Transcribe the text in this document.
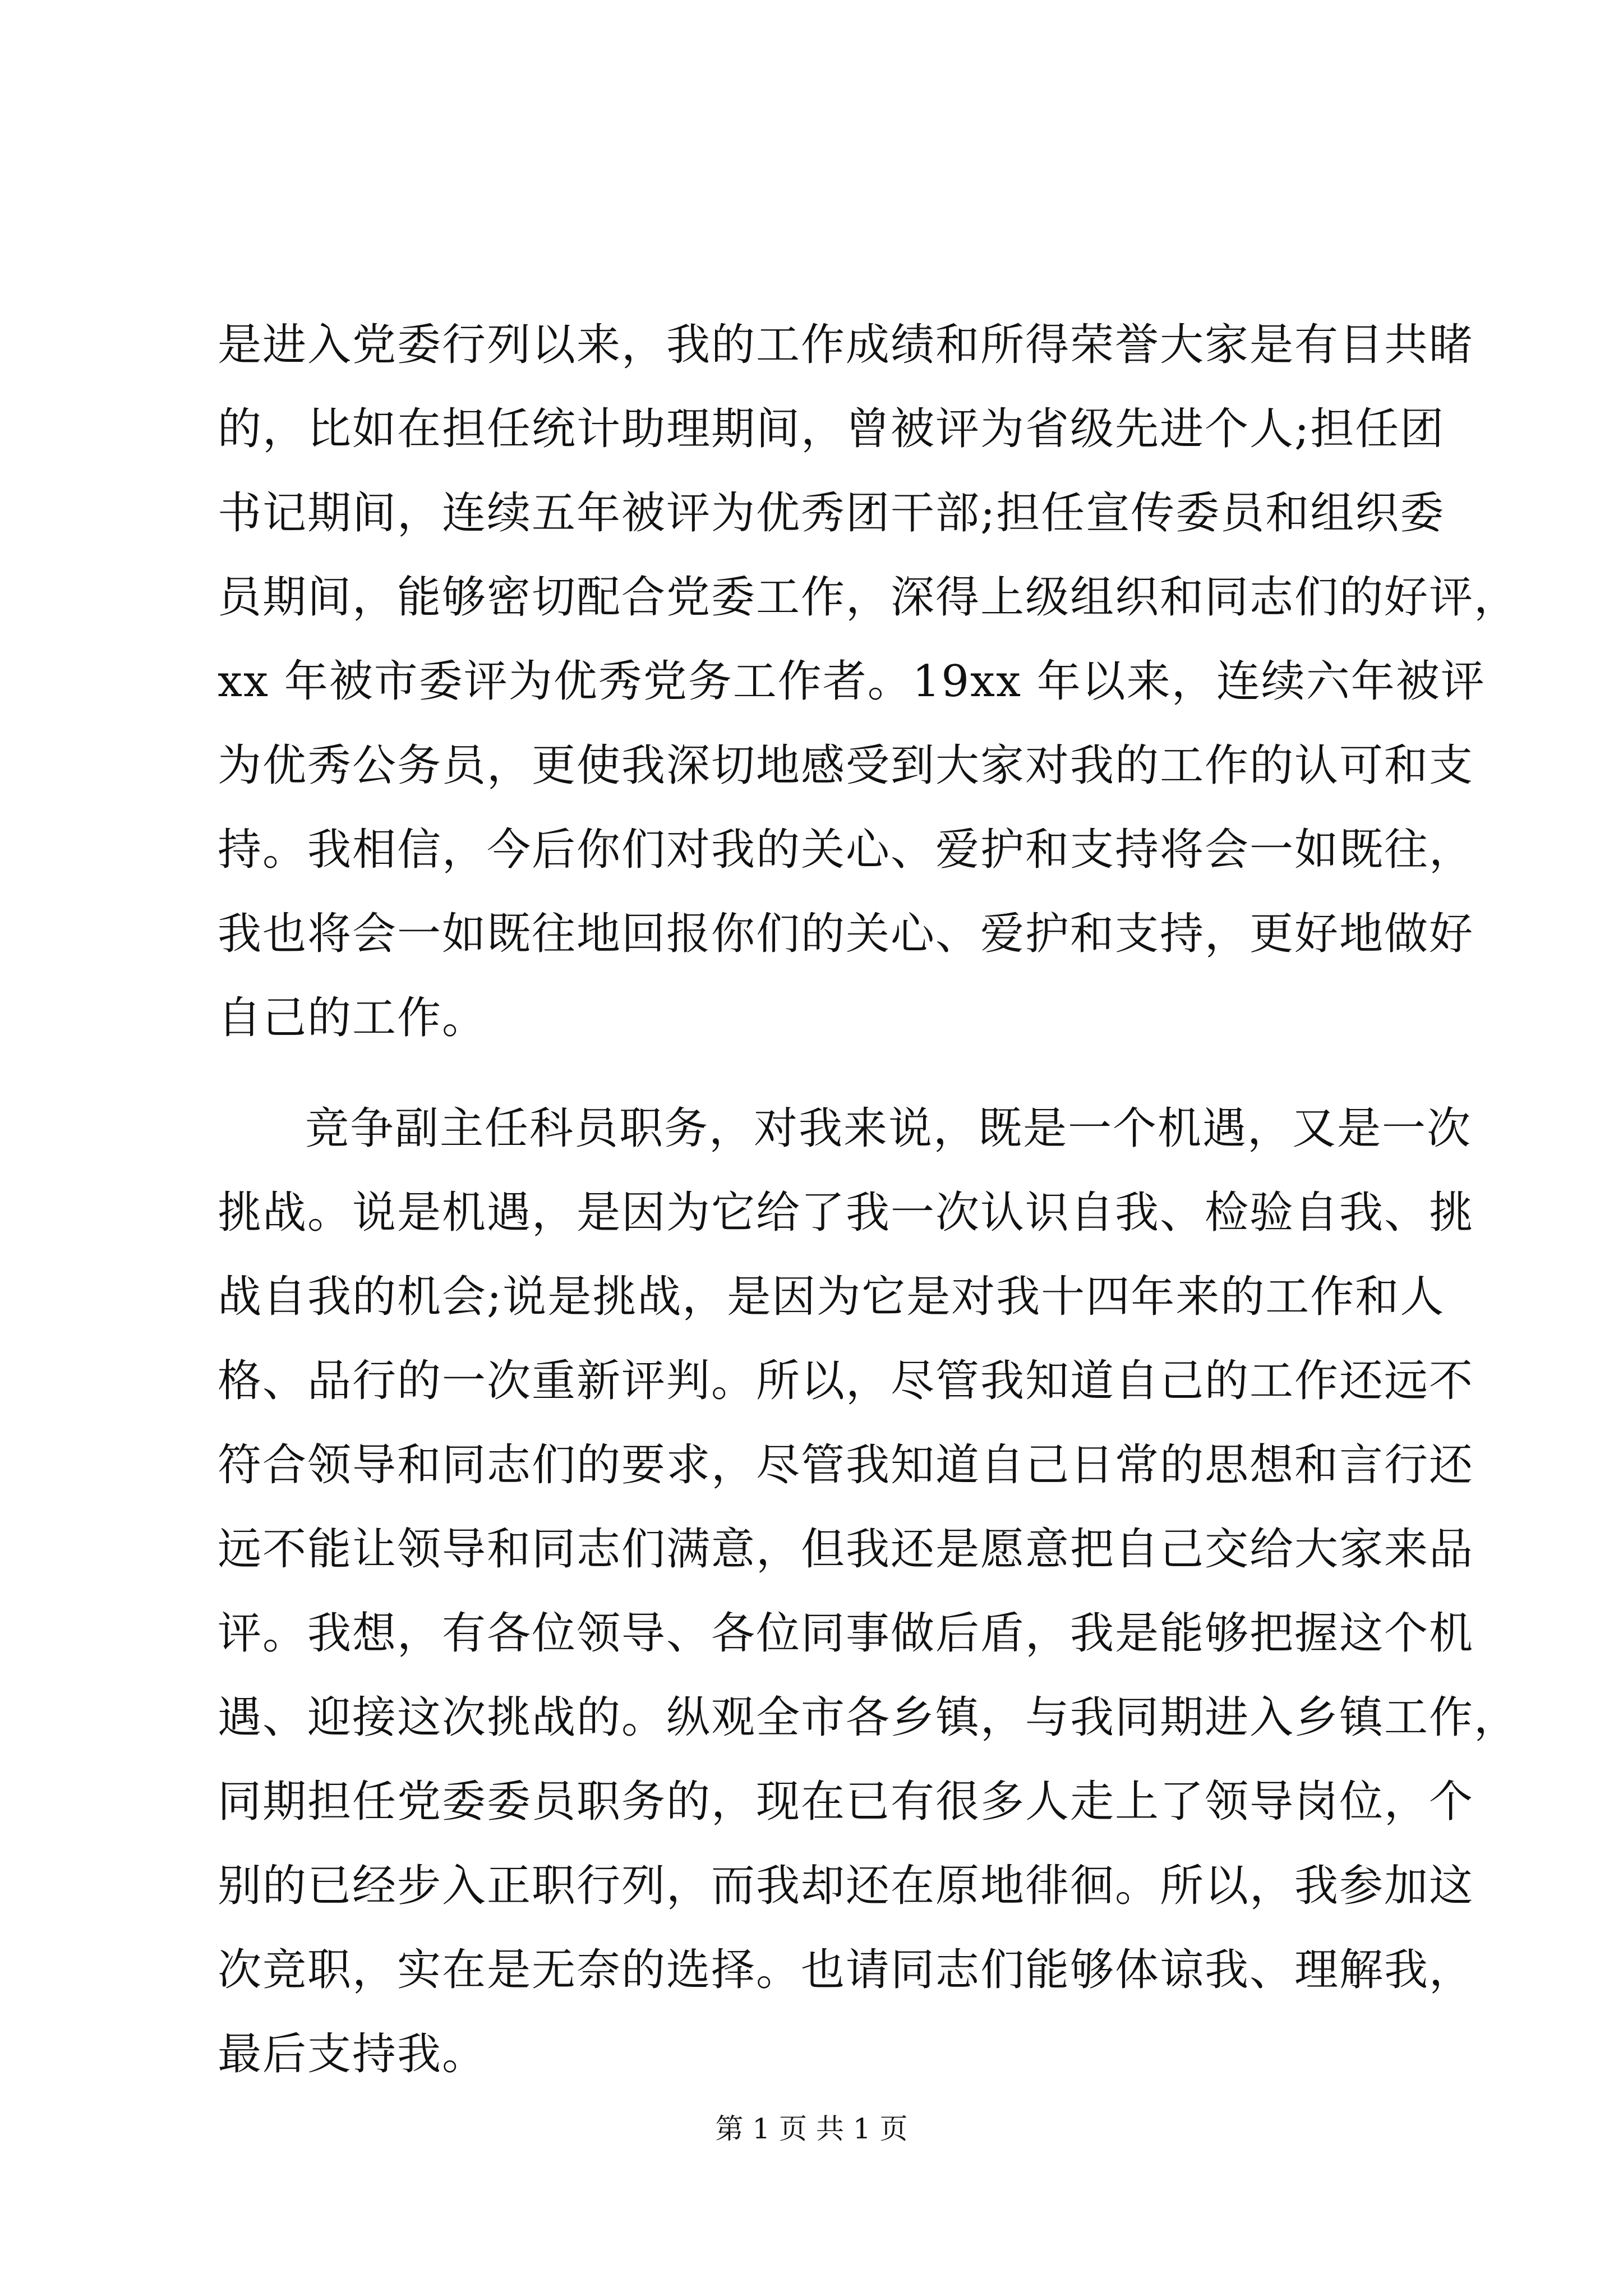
是进入党委行列以来，我的工作成绩和所得荣誉大家是有目共睹
的，比如在担任统计助理期间，曾被评为省级先进个人;担任团
书记期间，连续五年被评为优秀团干部;担任宣传委员和组织委
员期间，能够密切配合党委工作，深得上级组织和同志们的好评，
xx 年被市委评为优秀党务工作者。19xx 年以来，连续六年被评
为优秀公务员，更使我深切地感受到大家对我的工作的认可和支
持。我相信，今后你们对我的关心、爱护和支持将会一如既往，
我也将会一如既往地回报你们的关心、爱护和支持，更好地做好
自己的工作。
竞争副主任科员职务，对我来说，既是一个机遇，又是一次
挑战。说是机遇，是因为它给了我一次认识自我、检验自我、挑
战自我的机会;说是挑战，是因为它是对我十四年来的工作和人
格、品行的一次重新评判。所以，尽管我知道自己的工作还远不
符合领导和同志们的要求，尽管我知道自己日常的思想和言行还
远不能让领导和同志们满意，但我还是愿意把自己交给大家来品
评。我想，有各位领导、各位同事做后盾，我是能够把握这个机
遇、迎接这次挑战的。纵观全市各乡镇，与我同期进入乡镇工作，
同期担任党委委员职务的，现在已有很多人走上了领导岗位，个
别的已经步入正职行列，而我却还在原地徘徊。所以，我参加这
次竞职，实在是无奈的选择。也请同志们能够体谅我、理解我，
最后支持我。
第 1 页 共 1 页
